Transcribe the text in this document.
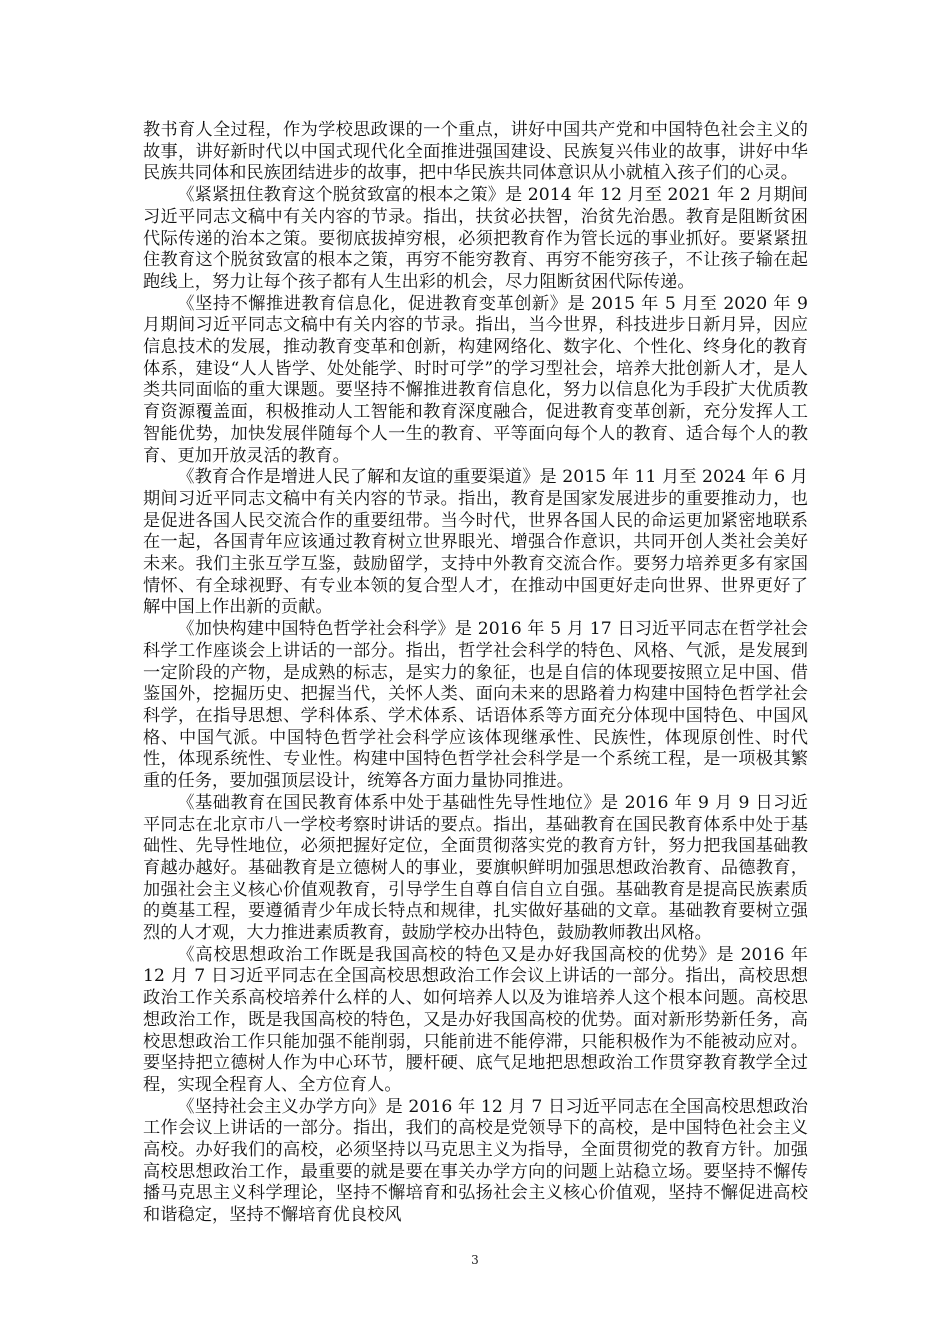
教书育人全过程，作为学校思政课的一个重点，讲好中国共产党和中国特色社会主义的故事，讲好新时代以中国式现代化全面推进强国建设、民族复兴伟业的故事，讲好中华民族共同体和民族团结进步的故事，把中华民族共同体意识从小就植入孩子们的心灵。

《紧紧扭住教育这个脱贫致富的根本之策》是 2014 年 12 月至 2021 年 2 月期间习近平同志文稿中有关内容的节录。指出，扶贫必扶智，治贫先治愚。教育是阻断贫困代际传递的治本之策。要彻底拔掉穷根，必须把教育作为管长远的事业抓好。要紧紧扭住教育这个脱贫致富的根本之策，再穷不能穷教育、再穷不能穷孩子，不让孩子输在起跑线上，努力让每个孩子都有人生出彩的机会，尽力阻断贫困代际传递。

《坚持不懈推进教育信息化，促进教育变革创新》是 2015 年 5 月至 2020 年 9 月期间习近平同志文稿中有关内容的节录。指出，当今世界，科技进步日新月异，因应信息技术的发展，推动教育变革和创新，构建网络化、数字化、个性化、终身化的教育体系，建设“人人皆学、处处能学、时时可学”的学习型社会，培养大批创新人才，是人类共同面临的重大课题。要坚持不懈推进教育信息化，努力以信息化为手段扩大优质教育资源覆盖面，积极推动人工智能和教育深度融合，促进教育变革创新，充分发挥人工智能优势，加快发展伴随每个人一生的教育、平等面向每个人的教育、适合每个人的教育、更加开放灵活的教育。

《教育合作是增进人民了解和友谊的重要渠道》是 2015 年 11 月至 2024 年 6 月期间习近平同志文稿中有关内容的节录。指出，教育是国家发展进步的重要推动力，也是促进各国人民交流合作的重要纽带。当今时代，世界各国人民的命运更加紧密地联系在一起，各国青年应该通过教育树立世界眼光、增强合作意识，共同开创人类社会美好未来。我们主张互学互鉴，鼓励留学，支持中外教育交流合作。要努力培养更多有家国情怀、有全球视野、有专业本领的复合型人才，在推动中国更好走向世界、世界更好了解中国上作出新的贡献。

《加快构建中国特色哲学社会科学》是 2016 年 5 月 17 日习近平同志在哲学社会科学工作座谈会上讲话的一部分。指出，哲学社会科学的特色、风格、气派，是发展到一定阶段的产物，是成熟的标志，是实力的象征，也是自信的体现要按照立足中国、借鉴国外，挖掘历史、把握当代，关怀人类、面向未来的思路着力构建中国特色哲学社会科学，在指导思想、学科体系、学术体系、话语体系等方面充分体现中国特色、中国风格、中国气派。中国特色哲学社会科学应该体现继承性、民族性，体现原创性、时代性，体现系统性、专业性。构建中国特色哲学社会科学是一个系统工程，是一项极其繁重的任务，要加强顶层设计，统筹各方面力量协同推进。

《基础教育在国民教育体系中处于基础性先导性地位》是 2016 年 9 月 9 日习近平同志在北京市八一学校考察时讲话的要点。指出，基础教育在国民教育体系中处于基础性、先导性地位，必须把握好定位，全面贯彻落实党的教育方针，努力把我国基础教育越办越好。基础教育是立德树人的事业，要旗帜鲜明加强思想政治教育、品德教育，加强社会主义核心价值观教育，引导学生自尊自信自立自强。基础教育是提高民族素质的奠基工程，要遵循青少年成长特点和规律，扎实做好基础的文章。基础教育要树立强烈的人才观，大力推进素质教育，鼓励学校办出特色，鼓励教师教出风格。

《高校思想政治工作既是我国高校的特色又是办好我国高校的优势》是 2016 年 12 月 7 日习近平同志在全国高校思想政治工作会议上讲话的一部分。指出，高校思想政治工作关系高校培养什么样的人、如何培养人以及为谁培养人这个根本问题。高校思想政治工作，既是我国高校的特色，又是办好我国高校的优势。面对新形势新任务，高校思想政治工作只能加强不能削弱，只能前进不能停滞，只能积极作为不能被动应对。要坚持把立德树人作为中心环节，腰杆硬、底气足地把思想政治工作贯穿教育教学全过程，实现全程育人、全方位育人。

《坚持社会主义办学方向》是 2016 年 12 月 7 日习近平同志在全国高校思想政治工作会议上讲话的一部分。指出，我们的高校是党领导下的高校，是中国特色社会主义高校。办好我们的高校，必须坚持以马克思主义为指导，全面贯彻党的教育方针。加强高校思想政治工作，最重要的就是要在事关办学方向的问题上站稳立场。要坚持不懈传播马克思主义科学理论，坚持不懈培育和弘扬社会主义核心价值观，坚持不懈促进高校和谐稳定，坚持不懈培育优良校风

3
